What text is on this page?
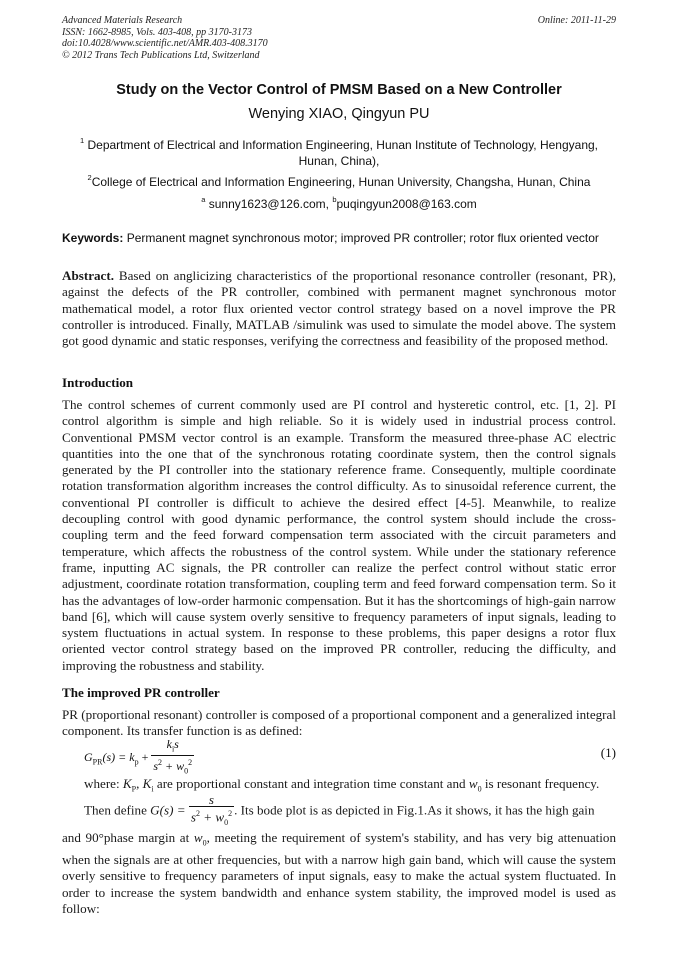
Advanced Materials Research
ISSN: 1662-8985, Vols. 403-408, pp 3170-3173
doi:10.4028/www.scientific.net/AMR.403-408.3170
© 2012 Trans Tech Publications Ltd, Switzerland
Online: 2011-11-29
Study on the Vector Control of PMSM Based on a New Controller
Wenying XIAO, Qingyun PU
$^1$ Department of Electrical and Information Engineering, Hunan Institute of Technology, Hengyang,
Hunan, China),
$^2$College of Electrical and Information Engineering, Hunan University, Changsha, Hunan, China
$^a$ sunny1623@126.com, $^b$puqingyun2008@163.com
Keywords: Permanent magnet synchronous motor; improved PR controller; rotor flux oriented vector
Abstract. Based on anglicizing characteristics of the proportional resonance controller (resonant, PR), against the defects of the PR controller, combined with permanent magnet synchronous motor mathematical model, a rotor flux oriented vector control strategy based on a novel improve the PR controller is introduced. Finally, MATLAB /simulink was used to simulate the model above. The system got good dynamic and static responses, verifying the correctness and feasibility of the proposed method.
Introduction
The control schemes of current commonly used are PI control and hysteretic control, etc. [1, 2]. PI control algorithm is simple and high reliable. So it is widely used in industrial process control. Conventional PMSM vector control is an example. Transform the measured three-phase AC electric quantities into the one that of the synchronous rotating coordinate system, then the control signals generated by the PI controller into the stationary reference frame. Consequently, multiple coordinate rotation transformation algorithm increases the control difficulty. As to sinusoidal reference current, the conventional PI controller is difficult to achieve the desired effect [4-5]. Meanwhile, to realize decoupling control with good dynamic performance, the control system should include the cross-coupling term and the feed forward compensation term associated with the circuit parameters and temperature, which affects the robustness of the control system. While under the stationary reference frame, inputting AC signals, the PR controller can realize the perfect control without static error adjustment, coordinate rotation transformation, coupling term and feed forward compensation term. So it has the advantages of low-order harmonic compensation. But it has the shortcomings of high-gain narrow band [6], which will cause system overly sensitive to frequency parameters of input signals, leading to system fluctuations in actual system. In response to these problems, this paper designs a rotor flux oriented vector control strategy based on the improved PR controller, reducing the difficulty, and improving the robustness and stability.
The improved PR controller
PR (proportional resonant) controller is composed of a proportional component and a generalized integral component. Its transfer function is as defined:
$G_{PR}(s) = k_p + \frac{k_is}{s^2 + w_0^2}$	(1)
where: $K_P$, $K_i$ are proportional constant and integration time constant and $w_0$ is resonant frequency.
Then define $G(s) = \frac{s}{s^2 + w_0^2}$ . Its bode plot is as depicted in Fig.1.As it shows, it has the high gain
and 90°phase margin at $w_0$, meeting the requirement of system's stability, and has very big attenuation when the signals are at other frequencies, but with a narrow high gain band, which will cause the system overly sensitive to frequency parameters of input signals, easy to make the actual system fluctuated. In order to increase the system bandwidth and enhance system stability, the improved model is used as follow:
